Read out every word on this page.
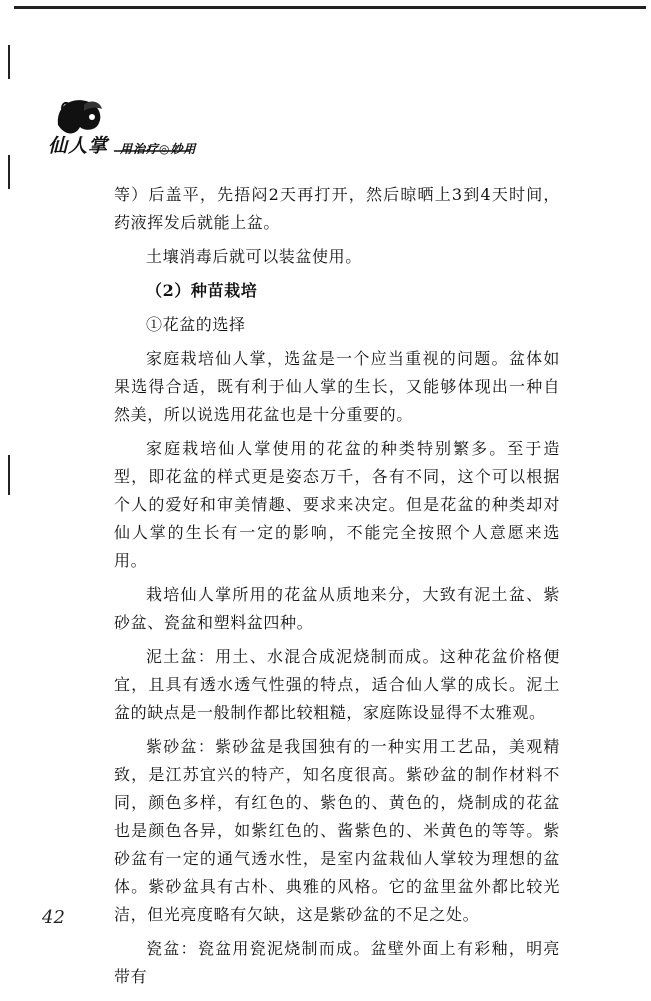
仙人掌 用治疗◎妙用

等）后盖平，先捂闷2天再打开，然后晾晒上3到4天时间，药液挥发后就能上盆。

土壤消毒后就可以装盆使用。

（2）种苗栽培

①花盆的选择

家庭栽培仙人掌，选盆是一个应当重视的问题。盆体如果选得合适，既有利于仙人掌的生长，又能够体现出一种自然美，所以说选用花盆也是十分重要的。

家庭栽培仙人掌使用的花盆的种类特别繁多。至于造型，即花盆的样式更是姿态万千，各有不同，这个可以根据个人的爱好和审美情趣、要求来决定。但是花盆的种类却对仙人掌的生长有一定的影响，不能完全按照个人意愿来选用。

栽培仙人掌所用的花盆从质地来分，大致有泥土盆、紫砂盆、瓷盆和塑料盆四种。

泥土盆：用土、水混合成泥烧制而成。这种花盆价格便宜，且具有透水透气性强的特点，适合仙人掌的成长。泥土盆的缺点是一般制作都比较粗糙，家庭陈设显得不太雅观。

紫砂盆：紫砂盆是我国独有的一种实用工艺品，美观精致，是江苏宜兴的特产，知名度很高。紫砂盆的制作材料不同，颜色多样，有红色的、紫色的、黄色的，烧制成的花盆也是颜色各异，如紫红色的、酱紫色的、米黄色的等等。紫砂盆有一定的通气透水性，是室内盆栽仙人掌较为理想的盆体。紫砂盆具有古朴、典雅的风格。它的盆里盆外都比较光洁，但光亮度略有欠缺，这是紫砂盆的不足之处。

瓷盆：瓷盆用瓷泥烧制而成。盆壁外面上有彩釉，明亮带有

42
